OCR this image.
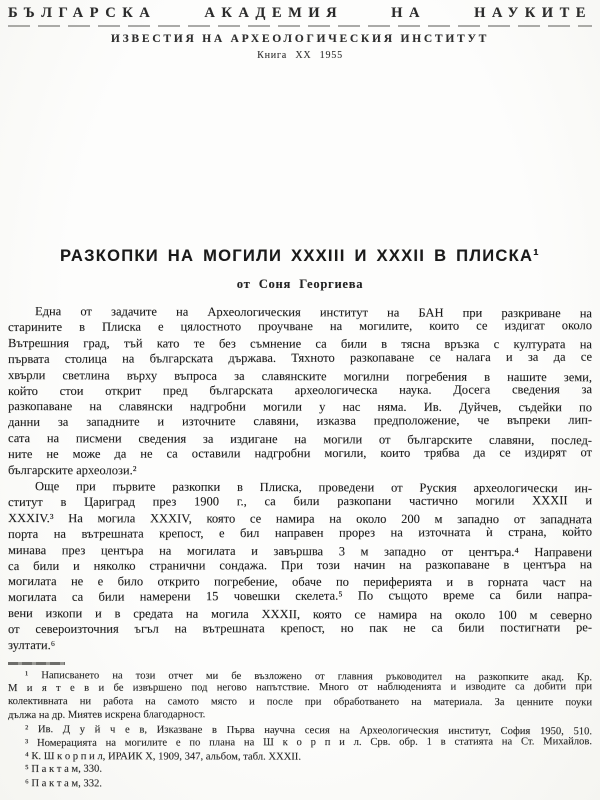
БЪЛГАРСКА АКАДЕМИЯ НА НАУКИТЕ
ИЗВЕСТИЯ НА АРХЕОЛОГИЧЕСКИЯ ИНСТИТУТ
Книга XX 1955
РАЗКОПКИ НА МОГИЛИ XXXIII И XXXII В ПЛИСКА¹
от Соня Георгиева
Една от задачите на Археологическия институт на БАН при разкриване на
старините в Плиска е цялостното проучване на могилите, които се издигат около
Вътрешния град, тъй като те без съмнение са били в тясна връзка с културата на
първата столица на българската държава. Тяхното разкопаване се налага и за да се
хвърли светлина върху въпроса за славянските могилни погребения в нашите земи,
който стои открит пред българската археологическа наука. Досега сведения за
разкопаване на славянски надгробни могили у нас няма. Ив. Дуйчев, съдейки по
данни за западните и източните славяни, изказва предположение, че въпреки лип-
сата на писмени сведения за издигане на могили от българските славяни, послед-
ните не може да не са оставили надгробни могили, които трябва да се издирят от
българските археолози.²
Още при първите разкопки в Плиска, проведени от Руския археологически ин-
ститут в Цариград през 1900 г., са били разкопани частично могили XXXII и
XXXIV.³ На могила XXXIV, която се намира на около 200 м западно от западната
порта на вътрешната крепост, е бил направен прорез на източната ѝ страна, който
минава през центъра на могилата и завършва 3 м западно от центъра.⁴ Направени
са били и няколко странични сондажа. При този начин на разкопаване в центъра на
могилата не е било открито погребение, обаче по периферията и в горната част на
могилата са били намерени 15 човешки скелета.⁵ По същото време са били напра-
вени изкопи и в средата на могила XXXII, която се намира на около 100 м северно
от североизточния ъгъл на вътрешната крепост, но пак не са били постигнати ре-
зултати.⁶
¹ Написването на този отчет ми бе възложено от главния ръководител на разкопките акад. Кр.
М и я т е в и бе извършено под негово напътствие. Много от наблюденията и изводите са добити при
колективната ни работа на самото място и после при обработването на материала. За ценните поуки
дължа на др. Миятев искрена благодарност.
² Ив. Д у й ч е в, Изказване в Първа научна сесия на Археологическия институт, София 1950, 510.
³ Номерацията на могилите е по плана на Ш к о р п и л. Срв. обр. 1 в статията на Ст. Михайлов.
⁴ К. Ш к о р п и л, ИРАИК X, 1909, 347, альбом, табл. XXXII.
⁵ П а к т а м, 330.
⁶ П а к т а м, 332.
